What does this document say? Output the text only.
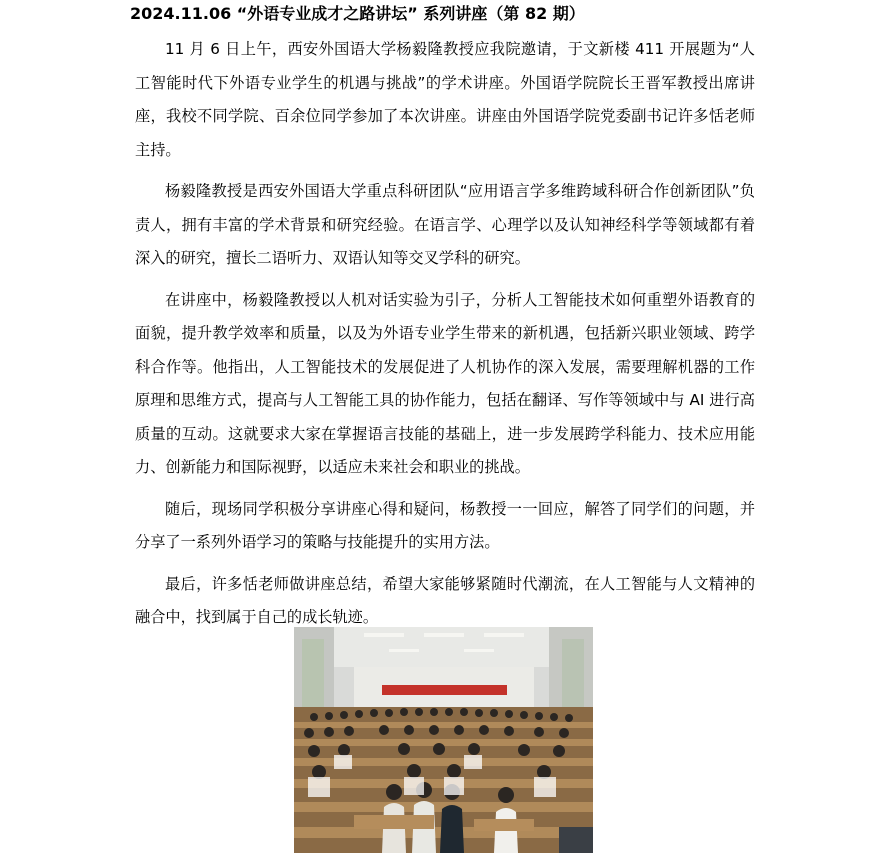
2024.11.06 “外语专业成才之路讲坛” 系列讲座（第 82 期）

11 月 6 日上午，西安外国语大学杨毅隆教授应我院邀请，于文新楼 411 开展题为“人工智能时代下外语专业学生的机遇与挑战”的学术讲座。外国语学院院长王晋军教授出席讲座，我校不同学院、百余位同学参加了本次讲座。讲座由外国语学院党委副书记许多恬老师主持。

杨毅隆教授是西安外国语大学重点科研团队“应用语言学多维跨域科研合作创新团队”负责人，拥有丰富的学术背景和研究经验。在语言学、心理学以及认知神经科学等领域都有着深入的研究，擅长二语听力、双语认知等交叉学科的研究。

在讲座中，杨毅隆教授以人机对话实验为引子，分析人工智能技术如何重塑外语教育的面貌，提升教学效率和质量，以及为外语专业学生带来的新机遇，包括新兴职业领域、跨学科合作等。他指出，人工智能技术的发展促进了人机协作的深入发展，需要理解机器的工作原理和思维方式，提高与人工智能工具的协作能力，包括在翻译、写作等领域中与 AI 进行高质量的互动。这就要求大家在掌握语言技能的基础上，进一步发展跨学科能力、技术应用能力、创新能力和国际视野，以适应未来社会和职业的挑战。

随后，现场同学积极分享讲座心得和疑问，杨教授一一回应，解答了同学们的问题，并分享了一系列外语学习的策略与技能提升的实用方法。

最后，许多恬老师做讲座总结，希望大家能够紧随时代潮流，在人工智能与人文精神的融合中，找到属于自己的成长轨迹。
